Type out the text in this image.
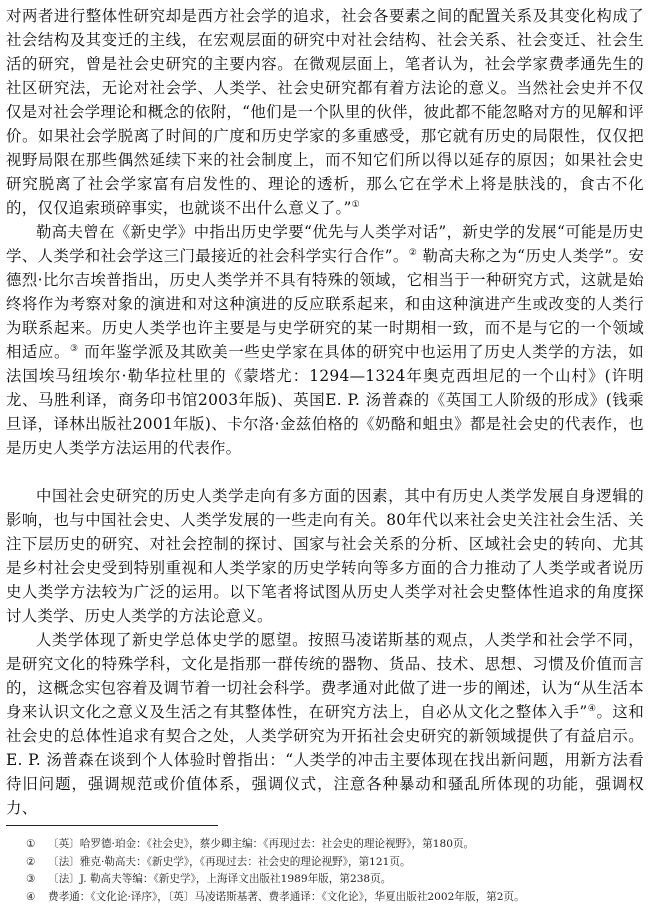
对两者进行整体性研究却是西方社会学的追求，社会各要素之间的配置关系及其变化构成了社会结构及其变迁的主线，在宏观层面的研究中对社会结构、社会关系、社会变迁、社会生活的研究，曾是社会史研究的主要内容。在微观层面上，笔者认为，社会学家费孝通先生的社区研究法，无论对社会学、人类学、社会史研究都有着方法论的意义。当然社会史并不仅仅是对社会学理论和概念的依附，“他们是一个队里的伙伴，彼此都不能忽略对方的见解和评价。如果社会学脱离了时间的广度和历史学家的多重感受，那它就有历史的局限性，仅仅把视野局限在那些偶然延续下来的社会制度上，而不知它们所以得以延存的原因；如果社会史研究脱离了社会学家富有启发性的、理论的透析，那么它在学术上将是肤浅的，食古不化的，仅仅追索琐碎事实，也就谈不出什么意义了。”①

勒高夫曾在《新史学》中指出历史学要“优先与人类学对话”，新史学的发展“可能是历史学、人类学和社会学这三门最接近的社会科学实行合作”。② 勒高夫称之为“历史人类学”。安德烈·比尔吉埃普指出，历史人类学并不具有特殊的领域，它相当于一种研究方式，这就是始终将作为考察对象的演进和对这种演进的反应联系起来，和由这种演进产生或改变的人类行为联系起来。历史人类学也许主要是与史学研究的某一时期相一致，而不是与它的一个领域相适应。③ 而年鉴学派及其欧美一些史学家在具体的研究中也运用了历史人类学的方法，如法国埃马纽埃尔·勒华拉杜里的《蒙塔尤：1294—1324年奥克西坦尼的一个山村》(许明龙、马胜利译，商务印书馆2003年版)、英国E. P. 汤普森的《英国工人阶级的形成》(钱乘旦译，译林出版社2001年版)、卡尔洛·金兹伯格的《奶酪和蛆虫》都是社会史的代表作，也是历史人类学方法运用的代表作。

中国社会史研究的历史人类学走向有多方面的因素，其中有历史人类学发展自身逻辑的影响，也与中国社会史、人类学发展的一些走向有关。80年代以来社会史关注社会生活、关注下层历史的研究、对社会控制的探讨、国家与社会关系的分析、区域社会史的转向、尤其是乡村社会史受到特别重视和人类学家的历史学转向等多方面的合力推动了人类学或者说历史人类学方法较为广泛的运用。以下笔者将试图从历史人类学对社会史整体性追求的角度探讨人类学、历史人类学的方法论意义。

人类学体现了新史学总体史学的愿望。按照马凌诺斯基的观点，人类学和社会学不同，是研究文化的特殊学科，文化是指那一群传统的器物、货品、技术、思想、习惯及价值而言的，这概念实包容着及调节着一切社会科学。费孝通对此做了进一步的阐述，认为“从生活本身来认识文化之意义及生活之有其整体性，在研究方法上，自必从文化之整体入手”④。这和社会史的总体性追求有契合之处，人类学研究为开拓社会史研究的新领域提供了有益启示。E. P. 汤普森在谈到个人体验时曾指出：“人类学的冲击主要体现在找出新问题，用新方法看待旧问题，强调规范或价值体系，强调仪式，注意各种暴动和骚乱所体现的功能，强调权力、

① 〔英〕哈罗德·珀金：《社会史》，蔡少卿主编：《再现过去：社会史的理论视野》，第180页。
② 〔法〕雅克·勒高夫：《新史学》，《再现过去：社会史的理论视野》，第121页。
③ 〔法〕J. 勒高夫等编：《新史学》，上海译文出版社1989年版，第238页。
④ 费孝通：《文化论·译序》，〔英〕马凌诺斯基著、费孝通译：《文化论》，华夏出版社2002年版，第2页。
